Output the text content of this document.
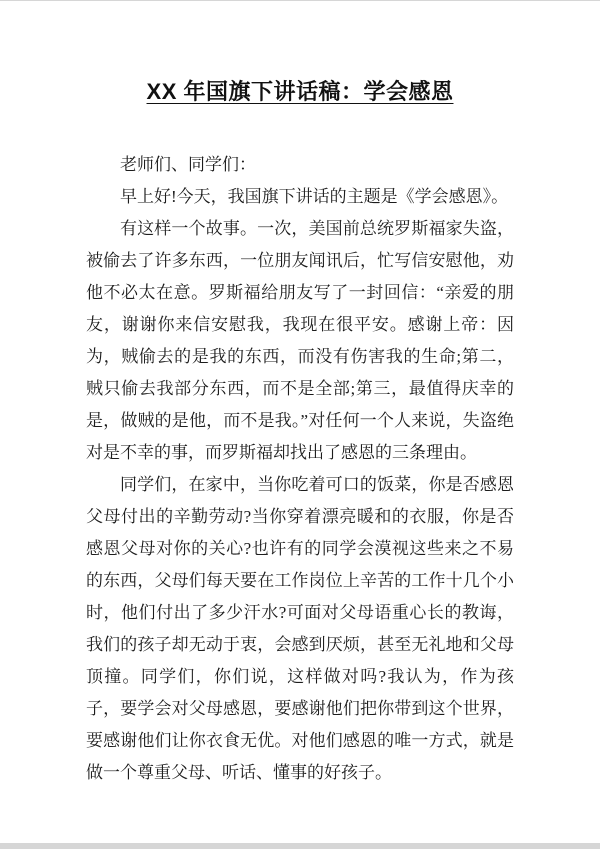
XX 年国旗下讲话稿：学会感恩

老师们、同学们：

早上好!今天，我国旗下讲话的主题是《学会感恩》。

有这样一个故事。一次，美国前总统罗斯福家失盗，被偷去了许多东西，一位朋友闻讯后，忙写信安慰他，劝他不必太在意。罗斯福给朋友写了一封回信：“亲爱的朋友，谢谢你来信安慰我，我现在很平安。感谢上帝：因为，贼偷去的是我的东西，而没有伤害我的生命;第二，贼只偷去我部分东西，而不是全部;第三，最值得庆幸的是，做贼的是他，而不是我。”对任何一个人来说，失盗绝对是不幸的事，而罗斯福却找出了感恩的三条理由。

同学们，在家中，当你吃着可口的饭菜，你是否感恩父母付出的辛勤劳动?当你穿着漂亮暖和的衣服，你是否感恩父母对你的关心?也许有的同学会漠视这些来之不易的东西，父母们每天要在工作岗位上辛苦的工作十几个小时，他们付出了多少汗水?可面对父母语重心长的教诲，我们的孩子却无动于衷，会感到厌烦，甚至无礼地和父母顶撞。同学们，你们说，这样做对吗?我认为，作为孩子，要学会对父母感恩，要感谢他们把你带到这个世界，要感谢他们让你衣食无优。对他们感恩的唯一方式，就是做一个尊重父母、听话、懂事的好孩子。
